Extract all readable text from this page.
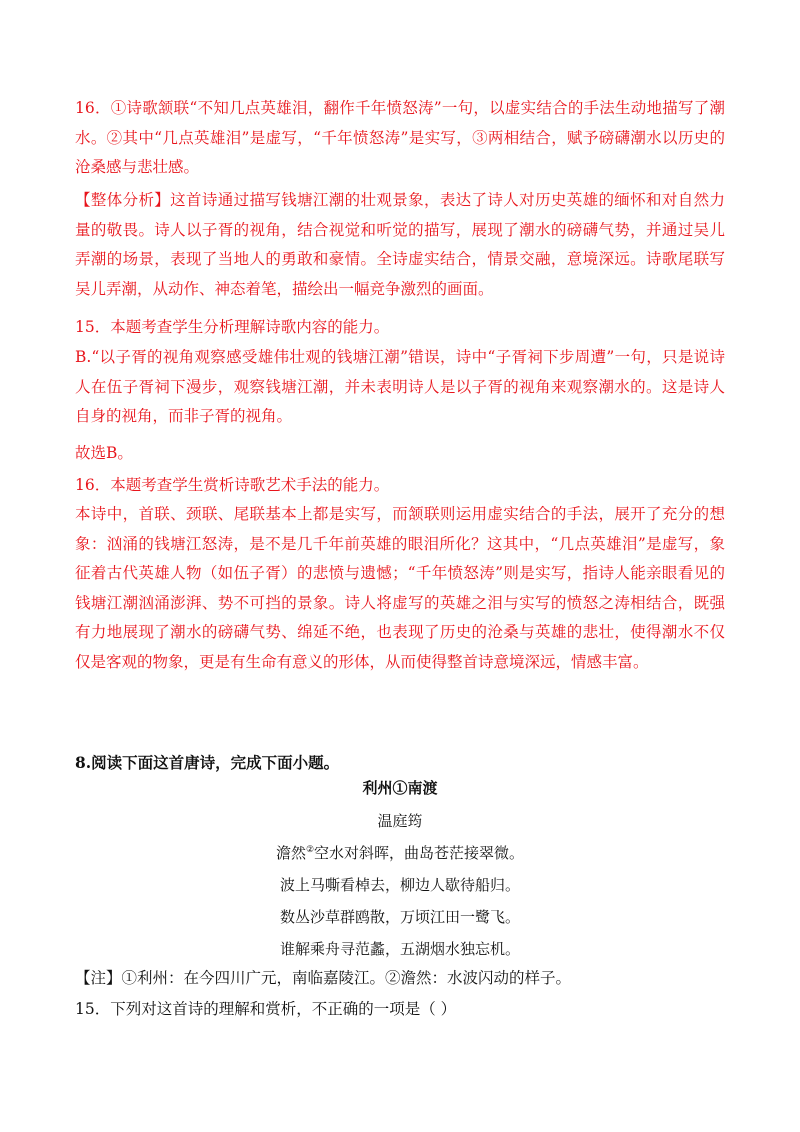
16．①诗歌颔联“不知几点英雄泪，翻作千年愤怒涛”一句，以虚实结合的手法生动地描写了潮水。②其中“几点英雄泪”是虚写，“千年愤怒涛”是实写，③两相结合，赋予磅礴潮水以历史的沧桑感与悲壮感。

【整体分析】这首诗通过描写钱塘江潮的壮观景象，表达了诗人对历史英雄的缅怀和对自然力量的敬畏。诗人以子胥的视角，结合视觉和听觉的描写，展现了潮水的磅礴气势，并通过吴儿弄潮的场景，表现了当地人的勇敢和豪情。全诗虚实结合，情景交融，意境深远。诗歌尾联写吴儿弄潮，从动作、神态着笔，描绘出一幅竞争激烈的画面。

15．本题考查学生分析理解诗歌内容的能力。

B.“以子胥的视角观察感受雄伟壮观的钱塘江潮”错误，诗中“子胥祠下步周遭”一句，只是说诗人在伍子胥祠下漫步，观察钱塘江潮，并未表明诗人是以子胥的视角来观察潮水的。这是诗人自身的视角，而非子胥的视角。

故选B。

16．本题考查学生赏析诗歌艺术手法的能力。

本诗中，首联、颈联、尾联基本上都是实写，而颔联则运用虚实结合的手法，展开了充分的想象：汹涌的钱塘江怒涛，是不是几千年前英雄的眼泪所化？这其中，“几点英雄泪”是虚写，象征着古代英雄人物（如伍子胥）的悲愤与遗憾；“千年愤怒涛”则是实写，指诗人能亲眼看见的钱塘江潮汹涌澎湃、势不可挡的景象。诗人将虚写的英雄之泪与实写的愤怒之涛相结合，既强有力地展现了潮水的磅礴气势、绵延不绝，也表现了历史的沧桑与英雄的悲壮，使得潮水不仅仅是客观的物象，更是有生命有意义的形体，从而使得整首诗意境深远，情感丰富。

8.阅读下面这首唐诗，完成下面小题。

利州①南渡

温庭筠

澹然②空水对斜晖，曲岛苍茫接翠微。

波上马嘶看棹去，柳边人歇待船归。

数丛沙草群鸥散，万顷江田一鹭飞。

谁解乘舟寻范蠡，五湖烟水独忘机。

【注】①利州：在今四川广元，南临嘉陵江。②澹然：水波闪动的样子。

15．下列对这首诗的理解和赏析，不正确的一项是（ ）
